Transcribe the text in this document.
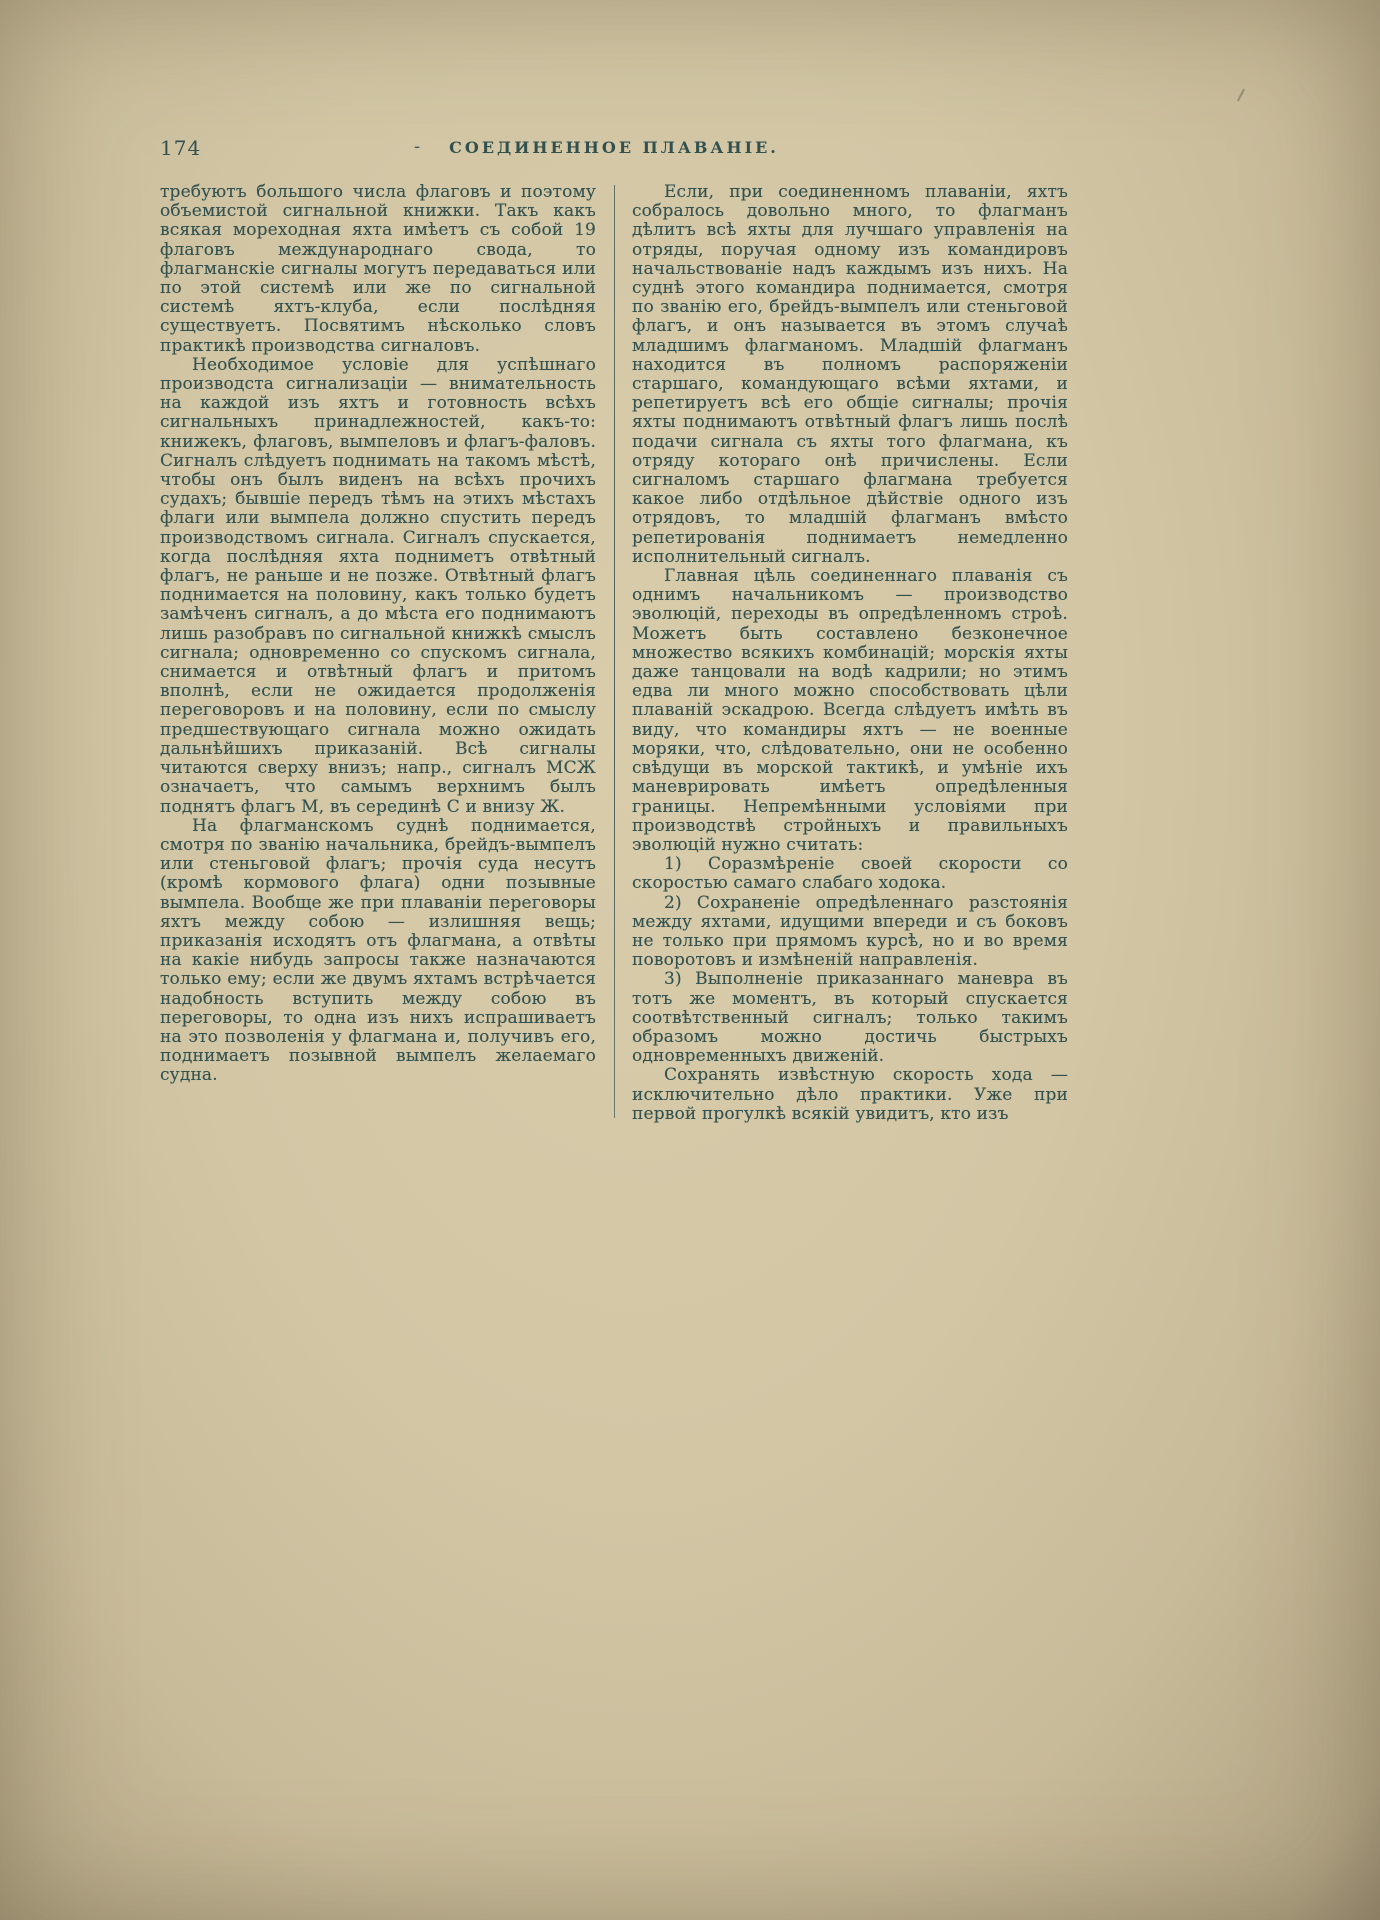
174	-	СОЕДИНЕННОЕ ПЛАВАНІЕ.

требуютъ большого числа флаговъ и поэтому объемистой сигнальной книжки. Такъ какъ всякая мореходная яхта имѣетъ съ собой 19 флаговъ международнаго свода, то флагманскіе сигналы могутъ передаваться или по этой системѣ или же по сигнальной системѣ яхтъ-клуба, если послѣдняя существуетъ. Посвятимъ нѣсколько словъ практикѣ производства сигналовъ.

Необходимое условіе для успѣшнаго производста сигнализаціи — внимательность на каждой изъ яхтъ и готовность всѣхъ сигнальныхъ принадлежностей, какъ-то: книжекъ, флаговъ, вымпеловъ и флагъ-фаловъ. Сигналъ слѣдуетъ поднимать на такомъ мѣстѣ, чтобы онъ былъ виденъ на всѣхъ прочихъ судахъ; бывшіе передъ тѣмъ на этихъ мѣстахъ флаги или вымпела должно спустить передъ производствомъ сигнала. Сигналъ спускается, когда послѣдняя яхта подниметъ отвѣтный флагъ, не раньше и не позже. Отвѣтный флагъ поднимается на половину, какъ только будетъ замѣченъ сигналъ, а до мѣста его поднимаютъ лишь разобравъ по сигнальной книжкѣ смыслъ сигнала; одновременно со спускомъ сигнала, снимается и отвѣтный флагъ и притомъ вполнѣ, если не ожидается продолженія переговоровъ и на половину, если по смыслу предшествующаго сигнала можно ожидать дальнѣйшихъ приказаній. Всѣ сигналы читаются сверху внизъ; напр., сигналъ МСЖ означаетъ, что самымъ верхнимъ былъ поднятъ флагъ М, въ серединѣ С и внизу Ж.

На флагманскомъ суднѣ поднимается, смотря по званію начальника, брейдъ-вымпелъ или стеньговой флагъ; прочія суда несутъ (кромѣ кормового флага) одни позывные вымпела. Вообще же при плаваніи переговоры яхтъ между собою — излишняя вещь; приказанія исходятъ отъ флагмана, а отвѣты на какіе нибудь запросы также назначаются только ему; если же двумъ яхтамъ встрѣчается надобность вступить между собою въ переговоры, то одна изъ нихъ испрашиваетъ на это позволенія у флагмана и, получивъ его, поднимаетъ позывной вымпелъ желаемаго судна.

Если, при соединенномъ плаваніи, яхтъ собралось довольно много, то флагманъ дѣлитъ всѣ яхты для лучшаго управленія на отряды, поручая одному изъ командировъ начальствованіе надъ каждымъ изъ нихъ. На суднѣ этого командира поднимается, смотря по званію его, брейдъ-вымпелъ или стеньговой флагъ, и онъ называется въ этомъ случаѣ младшимъ флагманомъ. Младшій флагманъ находится въ полномъ распоряженіи старшаго, командующаго всѣми яхтами, и репетируетъ всѣ его общіе сигналы; прочія яхты поднимаютъ отвѣтный флагъ лишь послѣ подачи сигнала съ яхты того флагмана, къ отряду котораго онѣ причислены. Если сигналомъ старшаго флагмана требуется какое либо отдѣльное дѣйствіе одного изъ отрядовъ, то младшій флагманъ вмѣсто репетированія поднимаетъ немедленно исполнительный сигналъ.

Главная цѣль соединеннаго плаванія съ однимъ начальникомъ — производство эволюцій, переходы въ опредѣленномъ строѣ. Можетъ быть составлено безконечное множество всякихъ комбинацій; морскія яхты даже танцовали на водѣ кадрили; но этимъ едва ли много можно способствовать цѣли плаваній эскадрою. Всегда слѣдуетъ имѣть въ виду, что командиры яхтъ — не военные моряки, что, слѣдовательно, они не особенно свѣдущи въ морской тактикѣ, и умѣніе ихъ маневрировать имѣетъ опредѣленныя границы. Непремѣнными условіями при производствѣ стройныхъ и правильныхъ эволюцій нужно считать:

1) Соразмѣреніе своей скорости со скоростью самаго слабаго ходока.

2) Сохраненіе опредѣленнаго разстоянія между яхтами, идущими впереди и съ боковъ не только при прямомъ курсѣ, но и во время поворотовъ и измѣненій направленія.

3) Выполненіе приказаннаго маневра въ тотъ же моментъ, въ который спускается соотвѣтственный сигналъ; только такимъ образомъ можно достичь быстрыхъ одновременныхъ движеній.

Сохранять извѣстную скорость хода — исключительно дѣло практики. Уже при первой прогулкѣ всякій увидитъ, кто изъ
